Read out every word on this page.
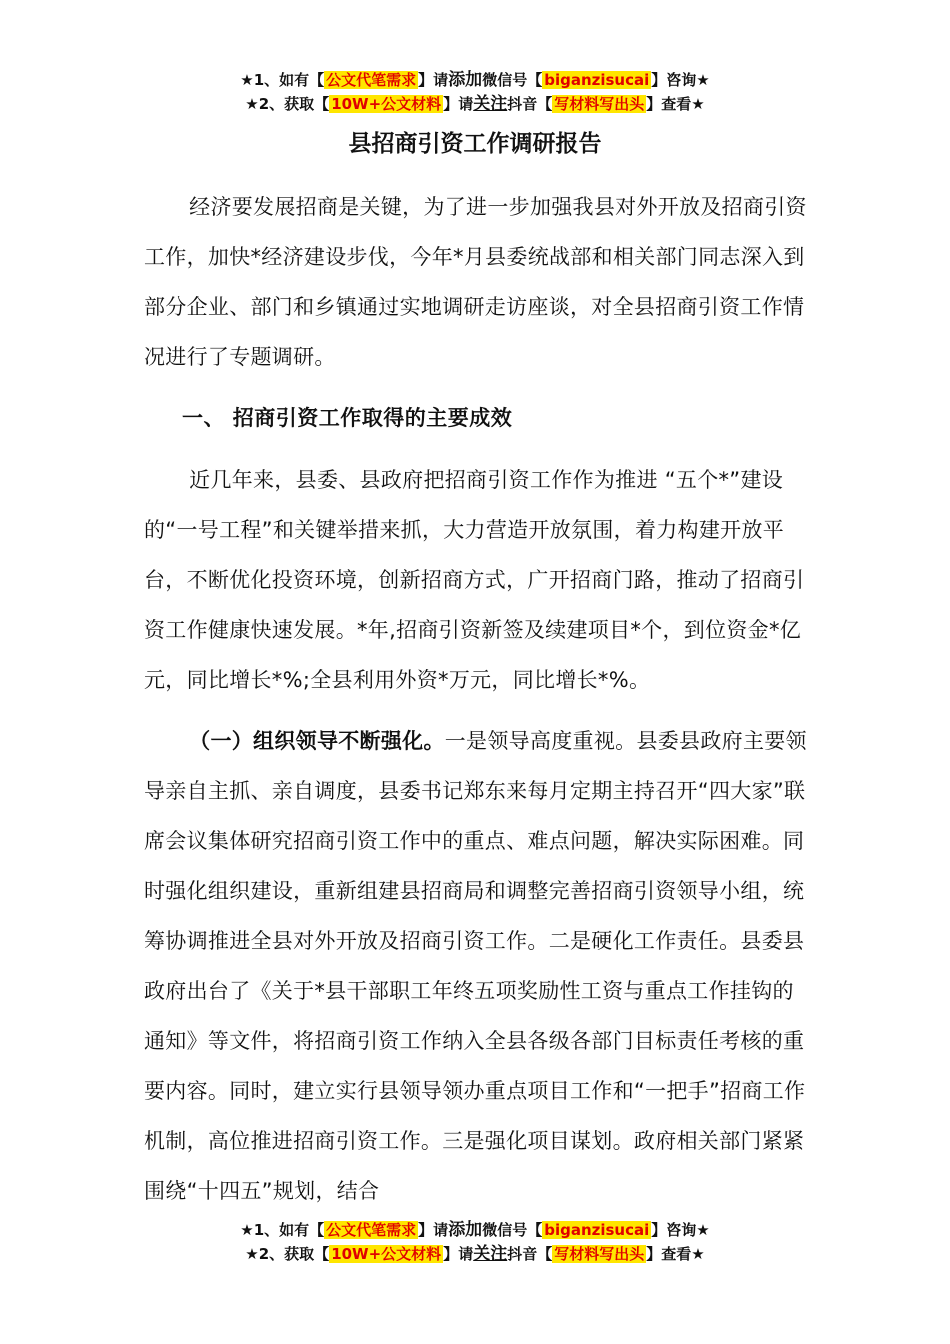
★1、如有【 公文代笔需求 】请添加微信号【 biganzisucai 】咨询★
★2、获取【 10W+公文材料 】请关注抖音【 写材料写出头 】查看★
县招商引资工作调研报告

经济要发展招商是关键，为了进一步加强我县对外开放及招商引资工作，加快*经济建设步伐，今年*月县委统战部和相关部门同志深入到部分企业、部门和乡镇通过实地调研走访座谈，对全县招商引资工作情况进行了专题调研。

一、 招商引资工作取得的主要成效

近几年来，县委、县政府把招商引资工作作为推进 “五个*”建设的“一号工程”和关键举措来抓，大力营造开放氛围，着力构建开放平台，不断优化投资环境，创新招商方式，广开招商门路，推动了招商引资工作健康快速发展。*年,招商引资新签及续建项目*个，到位资金*亿元，同比增长*%;全县利用外资*万元，同比增长*%。

（一）组织领导不断强化。一是领导高度重视。县委县政府主要领导亲自主抓、亲自调度，县委书记郑东来每月定期主持召开“四大家”联席会议集体研究招商引资工作中的重点、难点问题，解决实际困难。同时强化组织建设，重新组建县招商局和调整完善招商引资领导小组，统筹协调推进全县对外开放及招商引资工作。二是硬化工作责任。县委县政府出台了《关于*县干部职工年终五项奖励性工资与重点工作挂钩的通知》等文件，将招商引资工作纳入全县各级各部门目标责任考核的重要内容。同时，建立实行县领导领办重点项目工作和“一把手”招商工作机制，高位推进招商引资工作。三是强化项目谋划。政府相关部门紧紧围绕“十四五”规划，结合

★1、如有【 公文代笔需求 】请添加微信号【 biganzisucai 】咨询★
★2、获取【 10W+公文材料 】请关注抖音【 写材料写出头 】查看★
